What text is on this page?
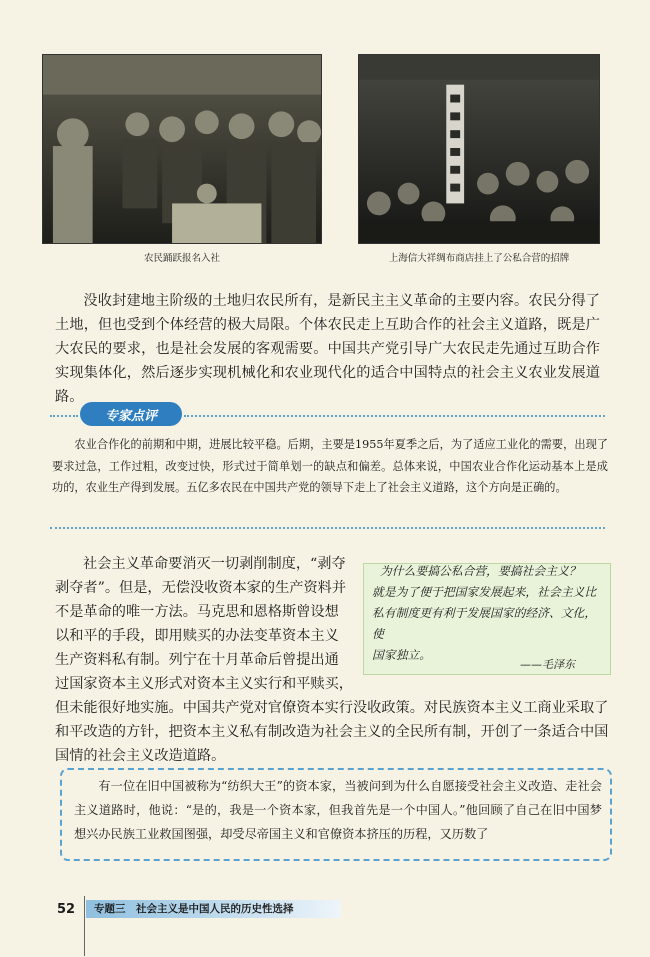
农民踊跃报名入社	上海信大祥绸布商店挂上了公私合营的招牌

没收封建地主阶级的土地归农民所有，是新民主主义革命的主要内容。农民分得了土地，但也受到个体经营的极大局限。个体农民走上互助合作的社会主义道路，既是广大农民的要求，也是社会发展的客观需要。中国共产党引导广大农民走先通过互助合作实现集体化，然后逐步实现机械化和农业现代化的适合中国特点的社会主义农业发展道路。

专家点评

农业合作化的前期和中期，进展比较平稳。后期，主要是1955年夏季之后，为了适应工业化的需要，出现了要求过急，工作过粗，改变过快，形式过于简单划一的缺点和偏差。总体来说，中国农业合作化运动基本上是成功的，农业生产得到发展。五亿多农民在中国共产党的领导下走上了社会主义道路，这个方向是正确的。

为什么要搞公私合营，要搞社会主义？
就是为了便于把国家发展起来，社会主义比
私有制度更有利于发展国家的经济、文化，使
国家独立。
——毛泽东
社会主义革命要消灭一切剥削制度，“剥夺
剥夺者”。但是，无偿没收资本家的生产资料并
不是革命的唯一方法。马克思和恩格斯曾设想
以和平的手段，即用赎买的办法变革资本主义
生产资料私有制。列宁在十月革命后曾提出通
过国家资本主义形式对资本主义实行和平赎买，
但未能很好地实施。中国共产党对官僚资本实行没收政策。对民族资本主义工商业采取了
和平改造的方针，把资本主义私有制改造为社会主义的全民所有制，开创了一条适合中国
国情的社会主义改造道路。

有一位在旧中国被称为“纺织大王”的资本家，当被问到为什么自愿接受社会主义改造、走社会主义道路时，他说：“是的，我是一个资本家，但我首先是一个中国人。”他回顾了自己在旧中国梦想兴办民族工业救国图强，却受尽帝国主义和官僚资本挤压的历程，又历数了

52 专题三　社会主义是中国人民的历史性选择
